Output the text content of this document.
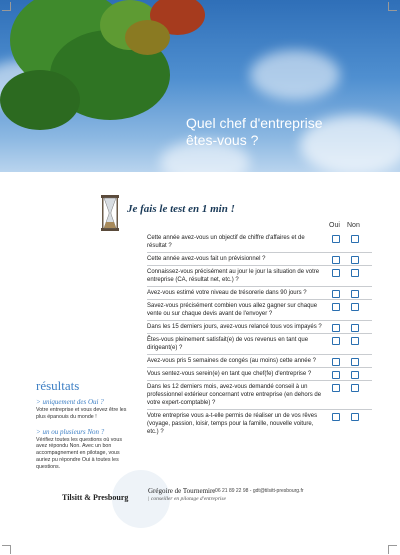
Quel chef d'entreprise
êtes-vous ?
Je fais le test en 1 min !
Oui Non
Cette année avez-vous un objectif de chiffre d'affaires et de résultat ?
Cette année avez-vous fait un prévisionnel ?
Connaissez-vous précisément au jour le jour la situation de votre entreprise (CA, résultat net, etc.) ?
Avez-vous estimé votre niveau de trésorerie dans 90 jours ?
Savez-vous précisément combien vous allez gagner sur chaque vente ou sur chaque devis avant de l'envoyer ?
Dans les 15 derniers jours, avez-vous relancé tous vos impayés ?
Êtes-vous pleinement satisfait(e) de vos revenus en tant que dirigeant(e) ?
Avez-vous pris 5 semaines de congés (au moins) cette année ?
Vous sentez-vous serein(e) en tant que chef(fe) d'entreprise ?
Dans les 12 derniers mois, avez-vous demandé conseil à un professionnel extérieur concernant votre entreprise (en dehors de votre expert-comptable) ?
Votre entreprise vous a-t-elle permis de réaliser un de vos rêves (voyage, passion, loisir, temps pour la famille, nouvelle voiture, etc.) ?
résultats
> uniquement des Oui ?
Votre entreprise et vous devez être les plus épanouis du monde !
> un ou plusieurs Non ?
Vérifiez toutes les questions où vous avez répondu Non. Avec un bon accompagnement en pilotage, vous auriez pu répondre Oui à toutes les questions.
Tilsitt & Presbourg
Grégoire de Tournemire
- 06 21 89 22 98 - gdt@tilsitt-presbourg.fr
| conseiller en pilotage d'entreprise
